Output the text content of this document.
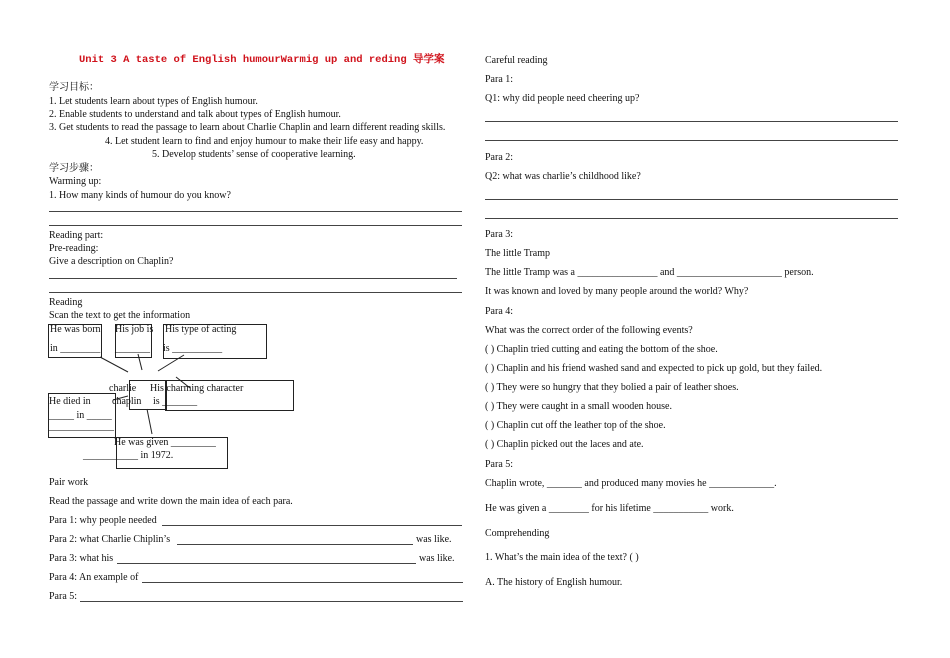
Unit 3 A taste of English humourWarmig up and reding 导学案
学习目标：
1. Let students learn about types of English humour.
2. Enable students to understand and talk about types of English humour.
3. Get students to read the passage to learn about Charlie Chaplin and learn different reading skills.
4. Let student learn to find and enjoy humour to make their life easy and happy.
5. Develop students’ sense of cooperative learning.
学习步骤：
Warming up:
1. How many kinds of humour do you know?
Reading part:
Pre-reading:
Give a description on Chaplin?
Reading
Scan the text to get the information
He was born
in ________
His job is
_______
His type of acting
is __________
charlie
chaplin
His charming character
is _______
He died in
_____ in _____
_____________
He was given _________
___________ in 1972.
Pair work
Read the passage and write down the main idea of each para.
Para 1: why people needed
Para 2: what Charlie Chiplin’s	was like.
Para 3: what his	was like.
Para 4: An example of
Para 5:
Careful reading
Para 1:
Q1: why did people need cheering up?
Para 2:
Q2: what was charlie’s childhood like?
Para 3:
The little Tramp
The little Tramp was a ________________ and _____________________ person.
It was known and loved by many people around the world? Why?
Para 4:
What was the correct order of the following events?
( ) Chaplin tried cutting and eating the bottom of the shoe.
( ) Chaplin and his friend washed sand and expected to pick up gold, but they failed.
( ) They were so hungry that they bolied a pair of leather shoes.
( ) They were caught in a small wooden house.
( ) Chaplin cut off the leather top of the shoe.
( ) Chaplin picked out the laces and ate.
Para 5:
Chaplin wrote, _______ and produced many movies he _____________.
He was given a ________ for his lifetime ___________ work.
Comprehending
1. What’s the main idea of the text? ( )
A. The history of English humour.
